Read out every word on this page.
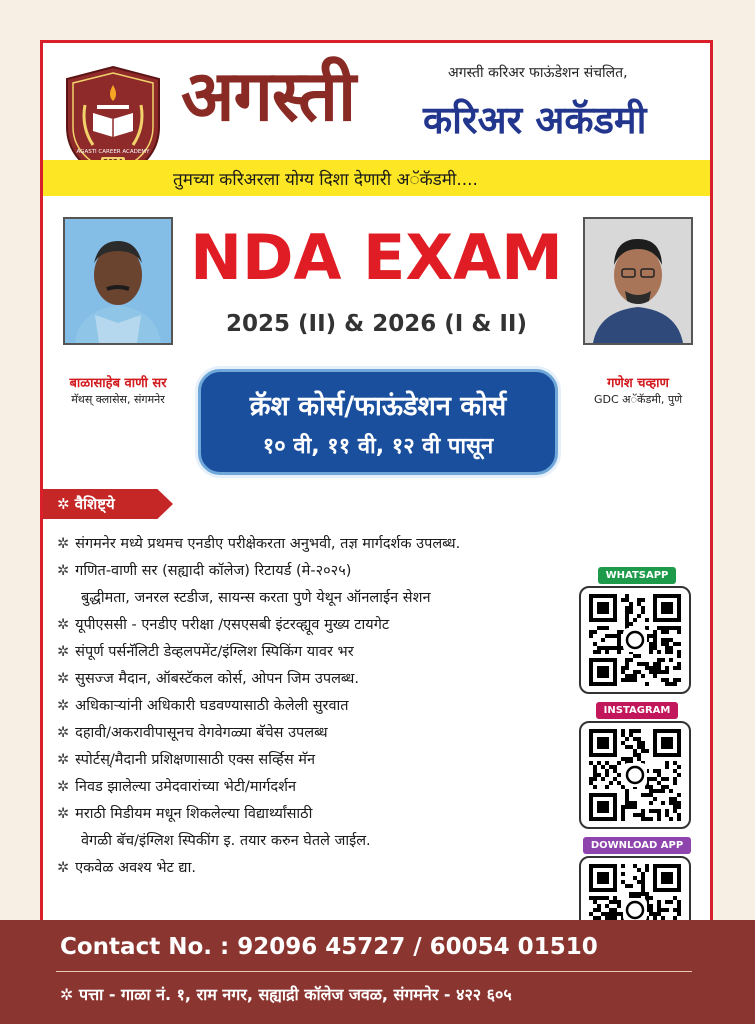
AGASTI CAREER ACADEMY
अगस्ती करिअर फाऊंडेशन संचलित,
अगस्ती करिअर अकॅडमी
तुमच्या करिअरला योग्य दिशा देणारी अॅकॅडमी....
बाळासाहेब वाणी सर
मॅथस् क्लासेस, संगमनेर
गणेश चव्हाण
GDC अॅकॅडमी, पुणे
NDA EXAM
2025 (II) & 2026 (I & II)
क्रॅश कोर्स/फाऊंडेशन कोर्स
१० वी, ११ वी, १२ वी पासून
✲ वैशिष्ट्ये
✲ संगमनेर मध्ये प्रथमच एनडीए परीक्षेकरता अनुभवी, तज्ञ मार्गदर्शक उपलब्ध.
✲ गणित-वाणी सर (सह्यादी कॉलेज) रिटायर्ड (मे-२०२५)
बुद्धीमता, जनरल स्टडीज, सायन्स करता पुणे येथून ऑनलाईन सेशन
✲ यूपीएससी - एनडीए परीक्षा /एसएसबी इंटरव्ह्यूव मुख्य टायगेट
✲ संपूर्ण पर्सनॅलिटी डेव्हलपमेंट/इंग्लिश स्पिकिंग यावर भर
✲ सुसज्ज मैदान, ऑबस्टॅकल कोर्स, ओपन जिम उपलब्ध.
✲ अधिकाऱ्यांनी अधिकारी घडवण्यासाठी केलेली सुरवात
✲ दहावी/अकरावीपासूनच वेगवेगळ्या बॅचेस उपलब्ध
✲ स्पोर्टस्/मैदानी प्रशिक्षणासाठी एक्स सर्व्हिस मॅन
✲ निवड झालेल्या उमेदवारांच्या भेटी/मार्गदर्शन
✲ मराठी मिडीयम मधून शिकलेल्या विद्यार्थ्यांसाठी
वेगळी बॅच/इंग्लिश स्पिकींग इ. तयार करुन घेतले जाईल.
✲ एकवेळ अवश्य भेट द्या.
WHATSAPP
INSTAGRAM
DOWNLOAD APP
Contact No. : 92096 45727 / 60054 01510
✲ पत्ता - गाळा नं. १, राम नगर, सह्याद्री कॉलेज जवळ, संगमनेर - ४२२ ६०५
